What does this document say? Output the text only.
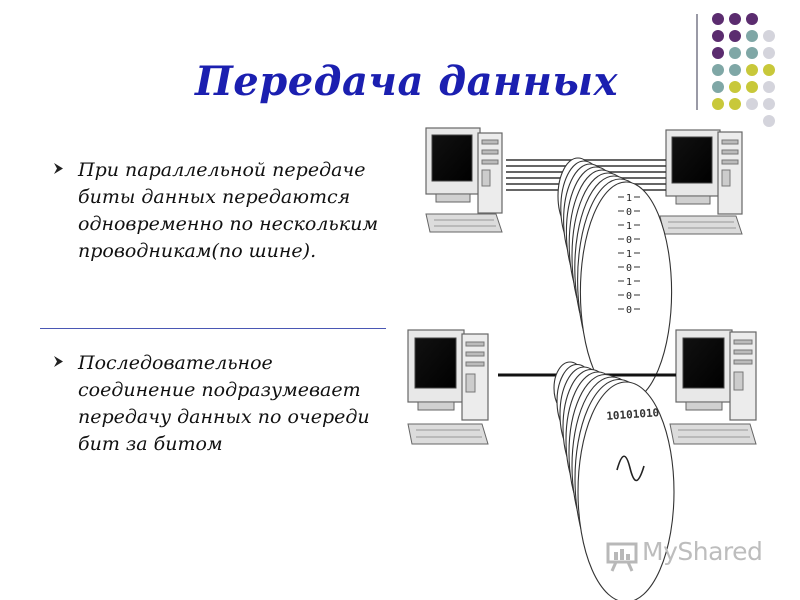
Передача данных
При параллельной передаче биты данных передаются одновременно по нескольким проводникам(по шине).
Последовательное соединение подразумевает передачу данных по очереди бит за битом
1
0
1
0
1
0
1
0
0
10101010
MyShared
